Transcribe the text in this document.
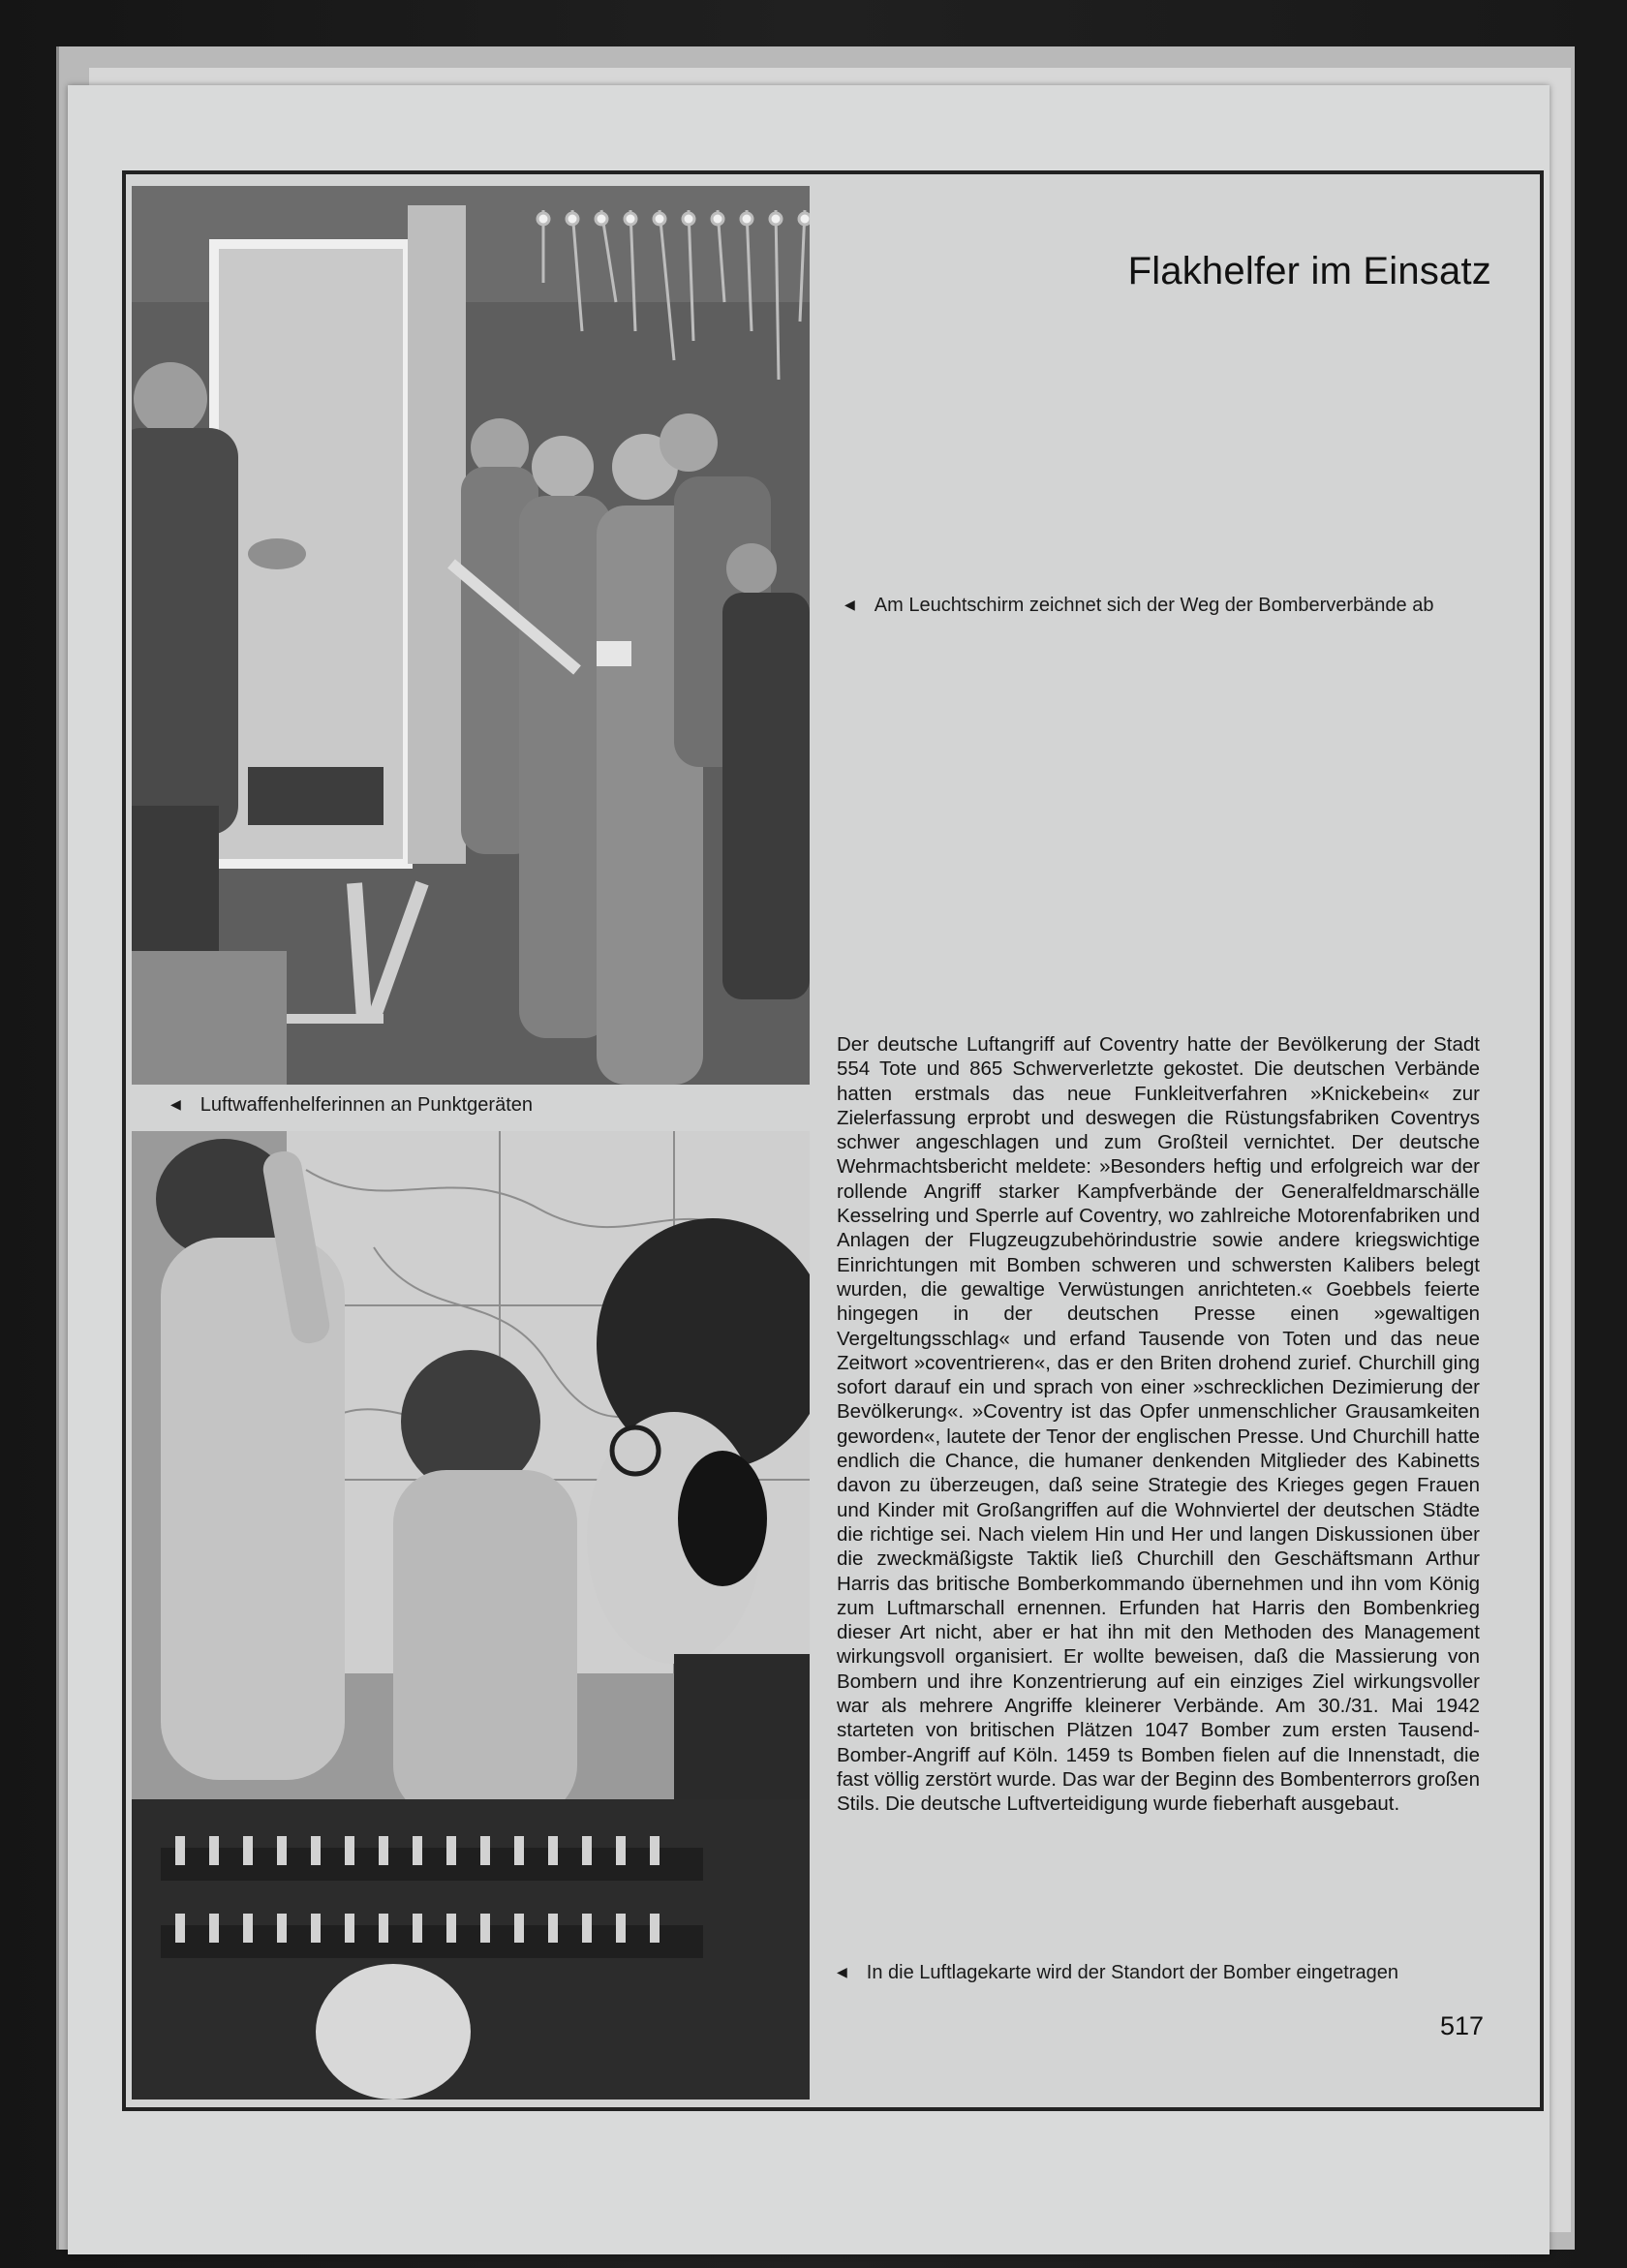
Flakhelfer im Einsatz
◀ Am Leuchtschirm zeichnet sich der Weg der Bomberverbände ab
◀ Luftwaffenhelferinnen an Punktgeräten

Der deutsche Luftangriff auf Coventry hatte der Bevölkerung der Stadt 554 Tote und 865 Schwerverletzte gekostet. Die deutschen Verbände hatten erstmals das neue Funkleitverfahren »Knickebein« zur Zielerfassung erprobt und deswegen die Rüstungsfabriken Coventrys schwer angeschlagen und zum Großteil vernichtet. Der deutsche Wehrmachtsbericht meldete: »Besonders heftig und erfolgreich war der rollende Angriff starker Kampfverbände der Generalfeldmarschälle Kesselring und Sperrle auf Coventry, wo zahlreiche Motorenfabriken und Anlagen der Flugzeugzubehörindustrie sowie andere kriegswichtige Einrichtungen mit Bomben schweren und schwersten Kalibers belegt wurden, die gewaltige Verwüstungen anrichteten.« Goebbels feierte hingegen in der deutschen Presse einen »gewaltigen Vergeltungsschlag« und erfand Tausende von Toten und das neue Zeitwort »coventrieren«, das er den Briten drohend zurief. Churchill ging sofort darauf ein und sprach von einer »schrecklichen Dezimierung der Bevölkerung«. »Coventry ist das Opfer unmenschlicher Grausamkeiten geworden«, lautete der Tenor der englischen Presse. Und Churchill hatte endlich die Chance, die humaner denkenden Mitglieder des Kabinetts davon zu überzeugen, daß seine Strategie des Krieges gegen Frauen und Kinder mit Großangriffen auf die Wohnviertel der deutschen Städte die richtige sei. Nach vielem Hin und Her und langen Diskussionen über die zweckmäßigste Taktik ließ Churchill den Geschäftsmann Arthur Harris das britische Bomberkommando übernehmen und ihn vom König zum Luftmarschall ernennen. Erfunden hat Harris den Bombenkrieg dieser Art nicht, aber er hat ihn mit den Methoden des Management wirkungsvoll organisiert. Er wollte beweisen, daß die Massierung von Bombern und ihre Konzentrierung auf ein einziges Ziel wirkungsvoller war als mehrere Angriffe kleinerer Verbände. Am 30./31. Mai 1942 starteten von britischen Plätzen 1047 Bomber zum ersten Tausend-Bomber-Angriff auf Köln. 1459 ts Bomben fielen auf die Innenstadt, die fast völlig zerstört wurde. Das war der Beginn des Bombenterrors großen Stils. Die deutsche Luftverteidigung wurde fieberhaft ausgebaut.

◀ In die Luftlagekarte wird der Standort der Bomber eingetragen
517
